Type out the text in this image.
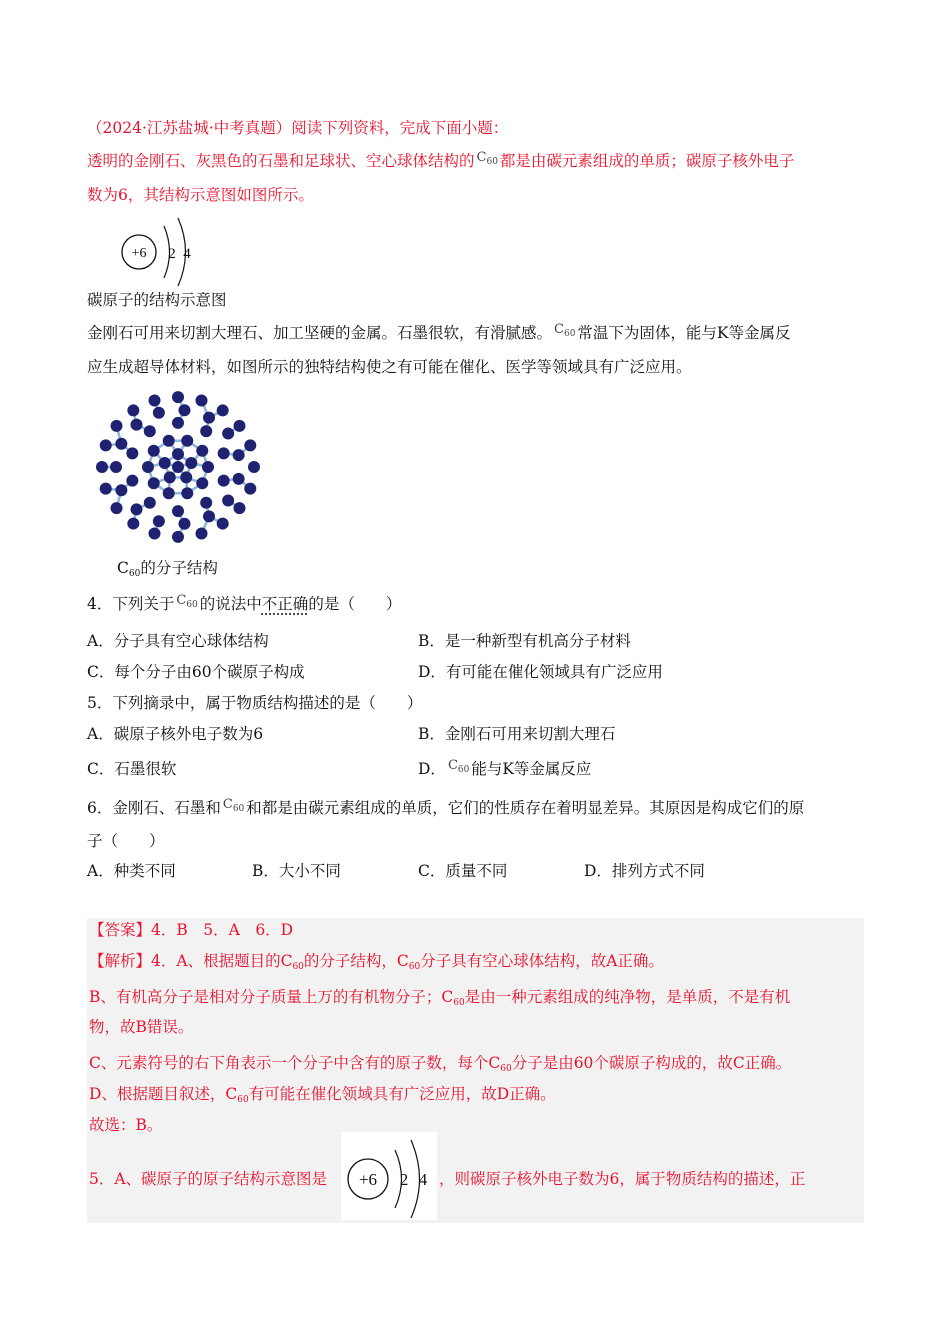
（2024·江苏盐城·中考真题）阅读下列资料，完成下面小题：
透明的金刚石、灰黑色的石墨和足球状、空心球体结构的 $C_{60}$ 都是由碳元素组成的单质；碳原子核外电子
数为6，其结构示意图如图所示。
+6 2 4
碳原子的结构示意图
金刚石可用来切割大理石、加工坚硬的金属。石墨很软，有滑腻感。 $C_{60}$ 常温下为固体，能与K等金属反
应生成超导体材料，如图所示的独特结构使之有可能在催化、医学等领域具有广泛应用。
$C_{60}$的分子结构
4．下列关于 $C_{60}$ 的说法中不正确的是（　　）
A．分子具有空心球体结构	B．是一种新型有机高分子材料
C．每个分子由60个碳原子构成	D．有可能在催化领域具有广泛应用
5．下列摘录中，属于物质结构描述的是（　　）
A．碳原子核外电子数为6	B．金刚石可用来切割大理石
C．石墨很软	D． $C_{60}$ 能与K等金属反应
6．金刚石、石墨和 $C_{60}$ 和都是由碳元素组成的单质，它们的性质存在着明显差异。其原因是构成它们的原
子（　　）
A．种类不同	B．大小不同	C．质量不同	D．排列方式不同
【答案】4．B　5．A　6．D
【解析】4．A、根据题目的$C_{60}$的分子结构，$C_{60}$分子具有空心球体结构，故A正确。
B、有机高分子是相对分子质量上万的有机物分子；$C_{60}$是由一种元素组成的纯净物，是单质，不是有机
物，故B错误。
C、元素符号的右下角表示一个分子中含有的原子数，每个$C_{60}$分子是由60个碳原子构成的，故C正确。
D、根据题目叙述，$C_{60}$有可能在催化领域具有广泛应用，故D正确。
故选：B。
5．A、碳原子的原子结构示意图是 +6 2 4 ，则碳原子核外电子数为6，属于物质结构的描述，正
